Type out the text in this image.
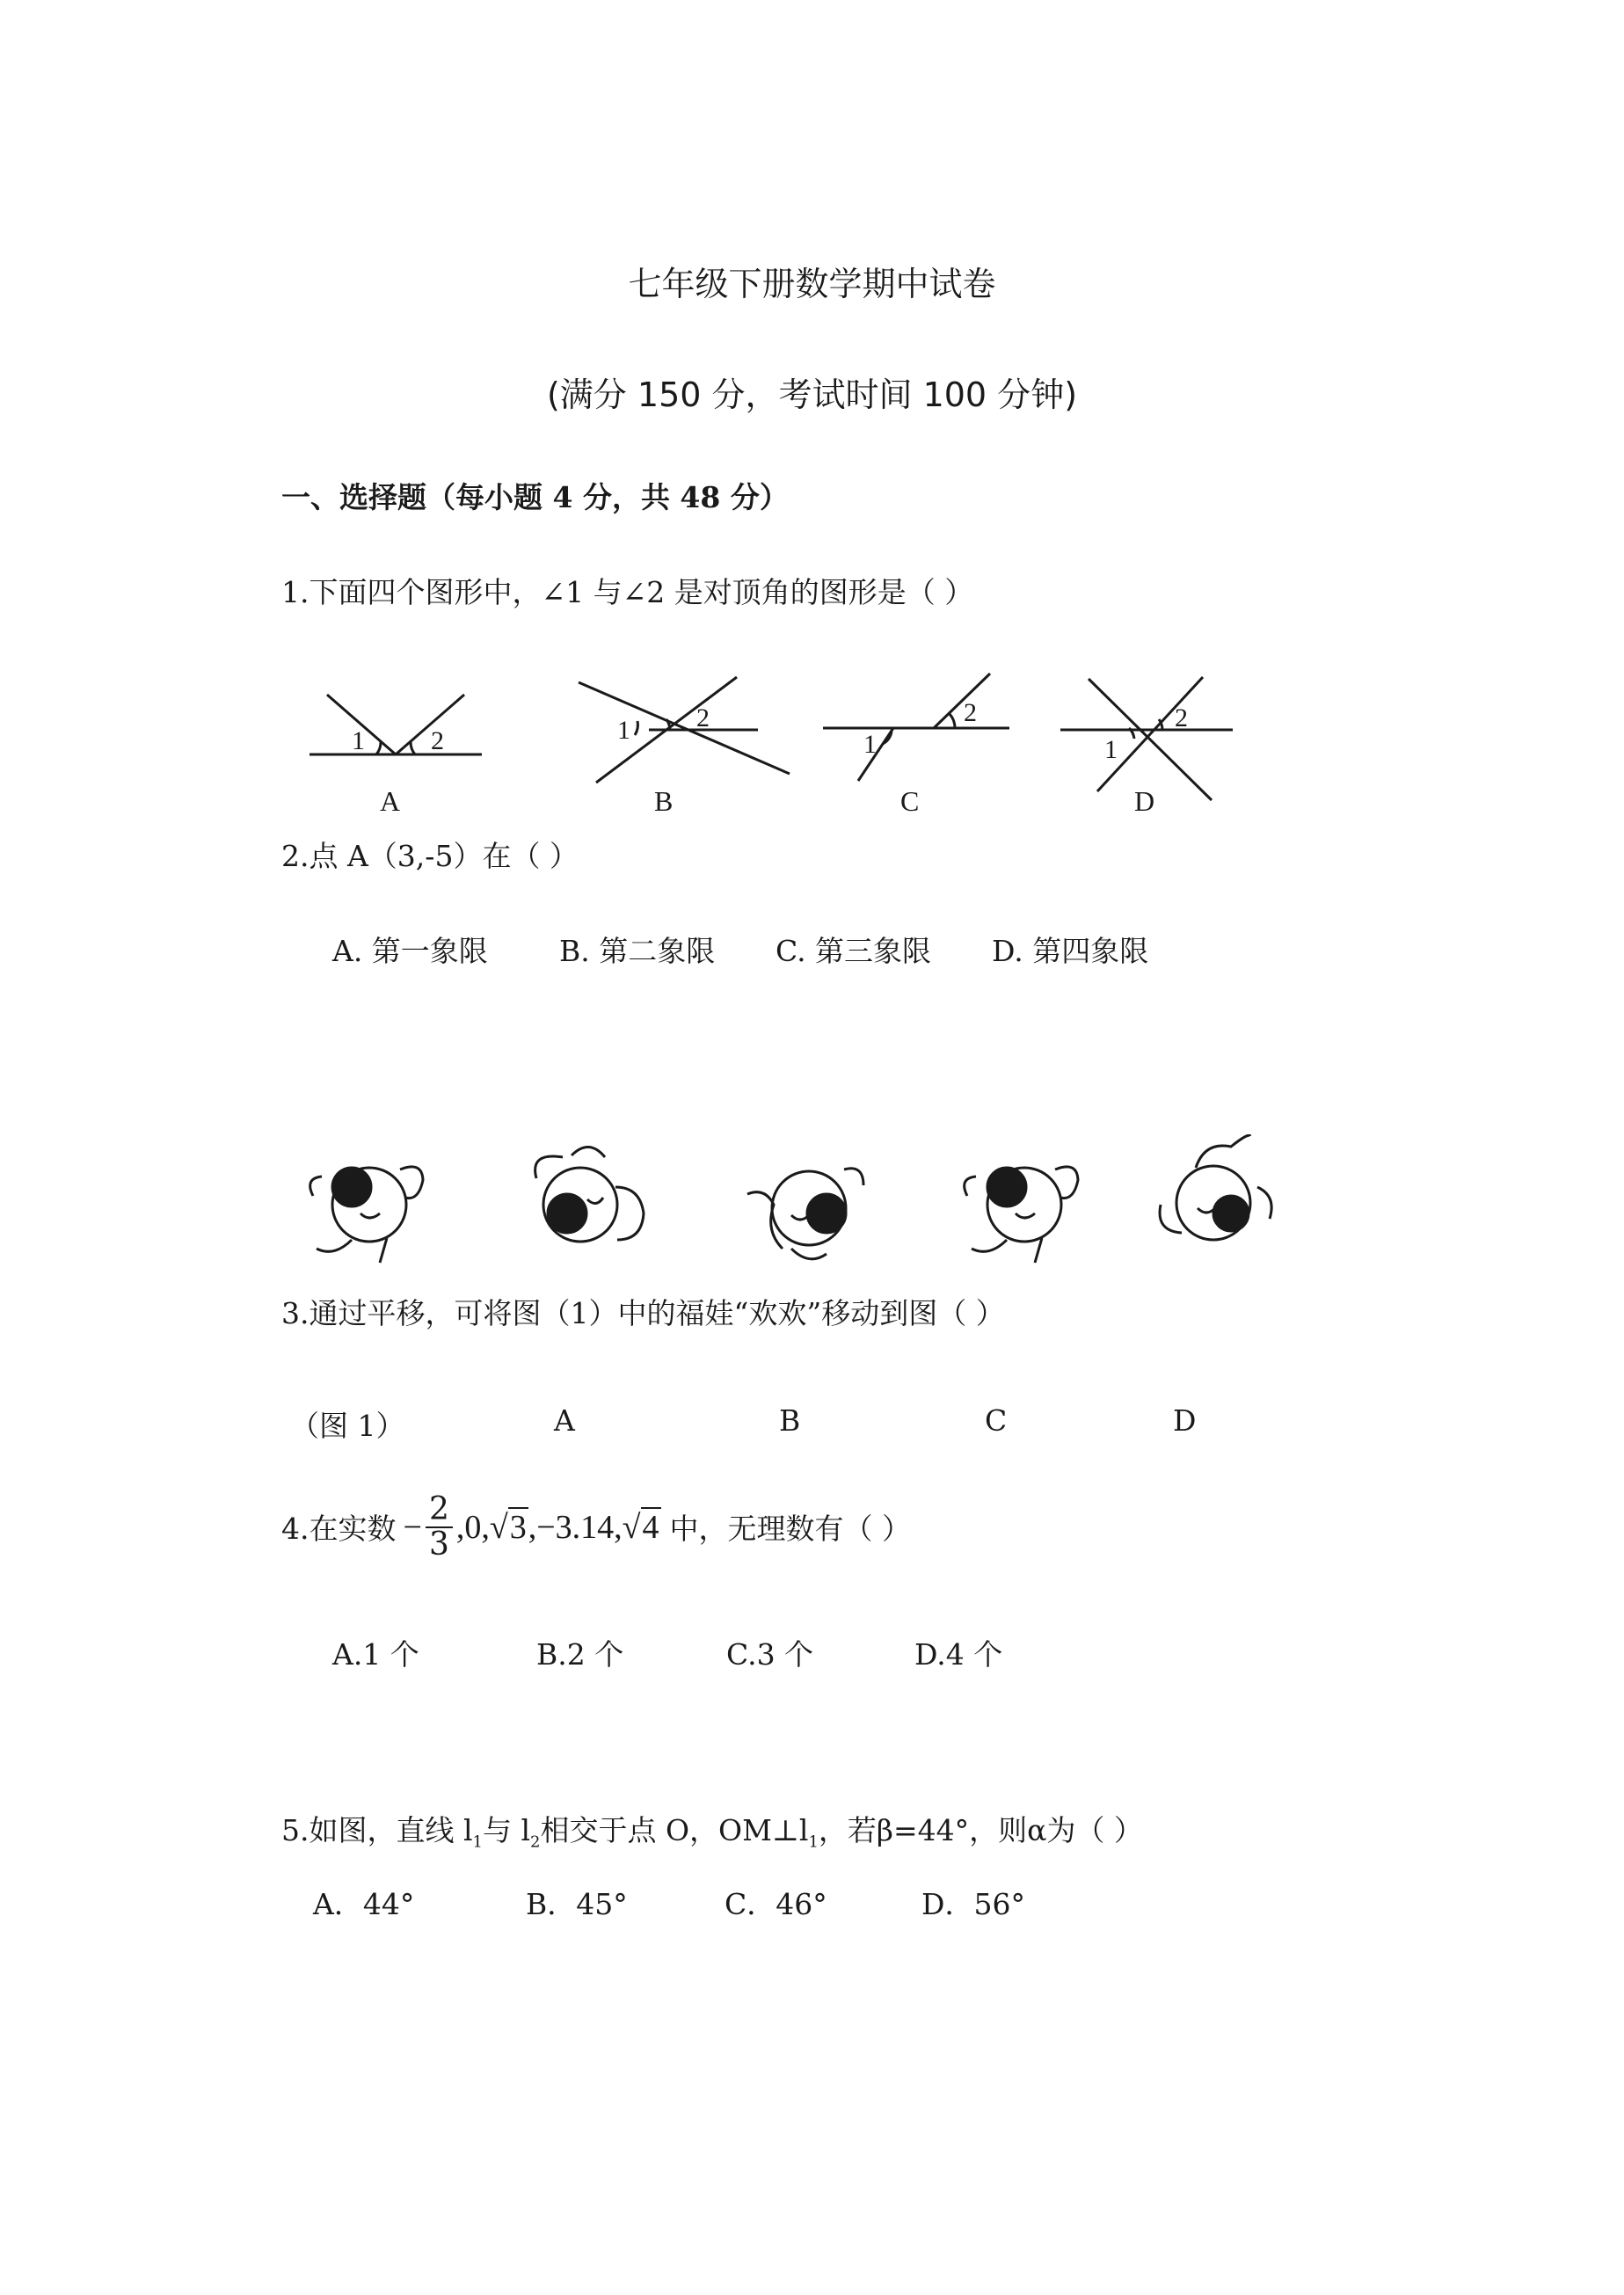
七年级下册数学期中试卷
(满分 150 分，考试时间 100 分钟)
一、选择题（每小题 4 分，共 48 分）
1.下面四个图形中，∠1 与∠2 是对顶角的图形是（ ）
1	2	1	2
1
2
1
2
A	B	C	D
2.点 A（3,-5）在（ ）
A. 第一象限 B. 第二象限 C. 第三象限 D. 第四象限
3.通过平移，可将图（1）中的福娃“欢欢”移动到图（ ）
（图 1）	A	B	C	D
4.在实数 − $\frac{2}{3} ,0$, √ 3 ,−3.14, √ 4 中，无理数有（ ）
A.1 个	B.2 个	C.3 个	D.4 个
5.如图，直线 $l_1$与 $l_2$相交于点 O，$OM\perp l_1$，若β=44°，则α为（ ）
A．44°	B．45°	C．46°	D．56°
